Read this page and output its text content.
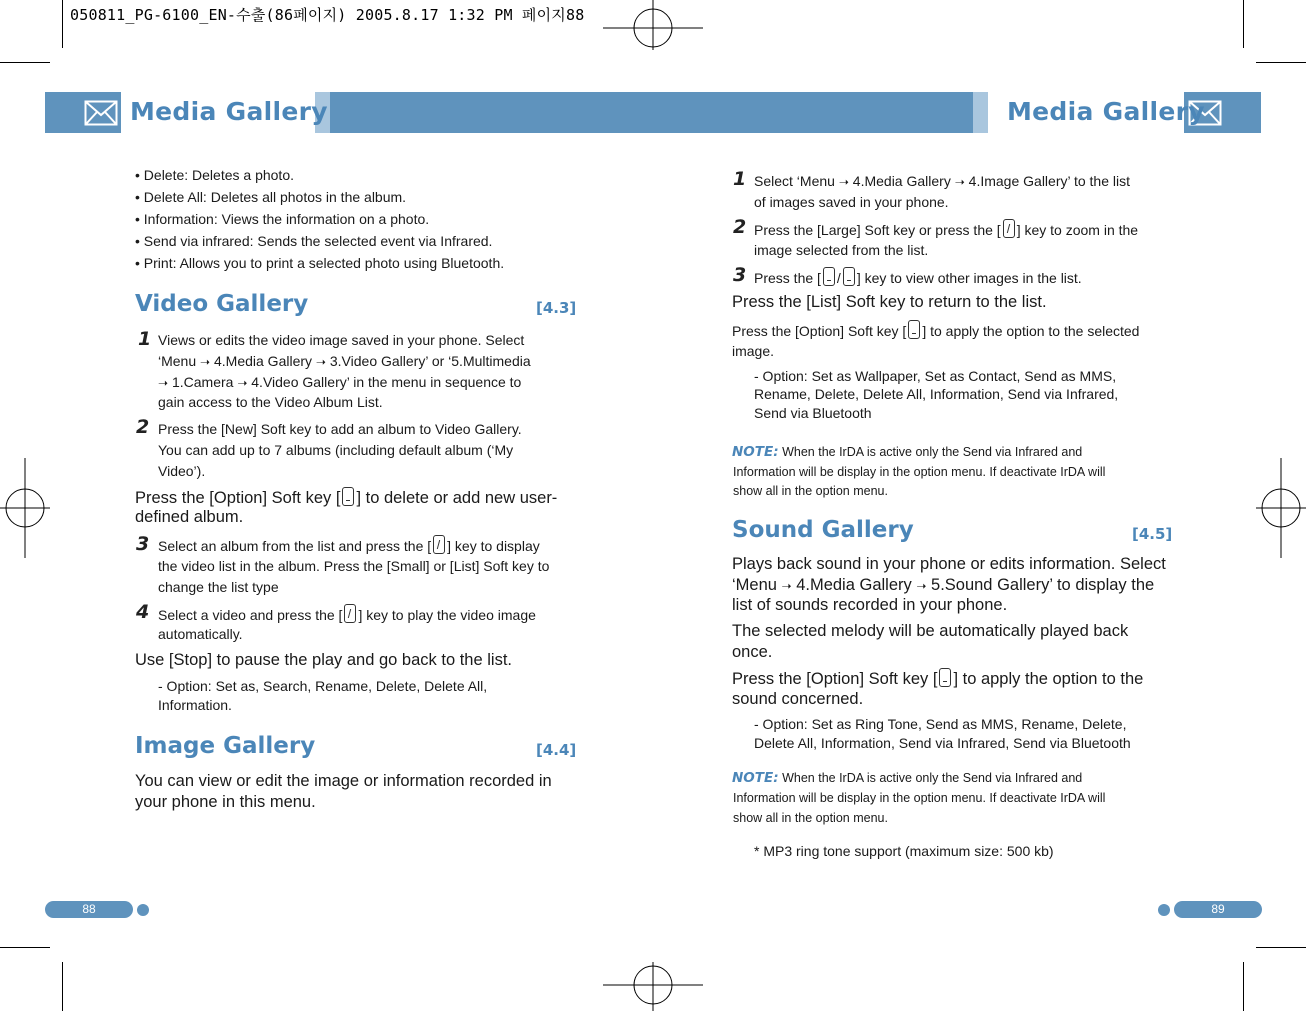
050811_PG-6100_EN-수출(86페이지) 2005.8.17 1:32 PM 페이지88
Media Gallery	Media Gallery
• Delete: Deletes a photo.
• Delete All: Deletes all photos in the album.
• Information: Views the information on a photo.
• Send via infrared: Sends the selected event via Infrared.
• Print: Allows you to print a selected photo using Bluetooth.
Video Gallery	[4.3]
1 Views or edits the video image saved in your phone. Select
‘Menu ➝ 4.Media Gallery ➝ 3.Video Gallery’ or ‘5.Multimedia
➝ 1.Camera ➝ 4.Video Gallery’ in the menu in sequence to
gain access to the Video Album List.
2 Press the [New] Soft key to add an album to Video Gallery.
You can add up to 7 albums (including default album (‘My
Video’).
Press the [Option] Soft key [ ] to delete or add new user-
defined album.
3 Select an album from the list and press the [ ] key to display
the video list in the album. Press the [Small] or [List] Soft key to
change the list type
4 Select a video and press the [ ] key to play the video image
automatically.
Use [Stop] to pause the play and go back to the list.
- Option: Set as, Search, Rename, Delete, Delete All,
Information.
Image Gallery	[4.4]
You can view or edit the image or information recorded in
your phone in this menu.
88
1 Select ‘Menu ➝ 4.Media Gallery ➝ 4.Image Gallery’ to the list
of images saved in your phone.
2 Press the [Large] Soft key or press the [ ] key to zoom in the
image selected from the list.
3 Press the [ / ] key to view other images in the list.
Press the [List] Soft key to return to the list.
Press the [Option] Soft key [ ] to apply the option to the selected
image.
- Option: Set as Wallpaper, Set as Contact, Send as MMS,
Rename, Delete, Delete All, Information, Send via Infrared,
Send via Bluetooth
NOTE: When the IrDA is active only the Send via Infrared and
Information will be display in the option menu. If deactivate IrDA will
show all in the option menu.
Sound Gallery	[4.5]
Plays back sound in your phone or edits information. Select
‘Menu ➝ 4.Media Gallery ➝ 5.Sound Gallery’ to display the
list of sounds recorded in your phone.
The selected melody will be automatically played back
once.
Press the [Option] Soft key [ ] to apply the option to the
sound concerned.
- Option: Set as Ring Tone, Send as MMS, Rename, Delete,
Delete All, Information, Send via Infrared, Send via Bluetooth
NOTE: When the IrDA is active only the Send via Infrared and
Information will be display in the option menu. If deactivate IrDA will
show all in the option menu.
* MP3 ring tone support (maximum size: 500 kb)
89
